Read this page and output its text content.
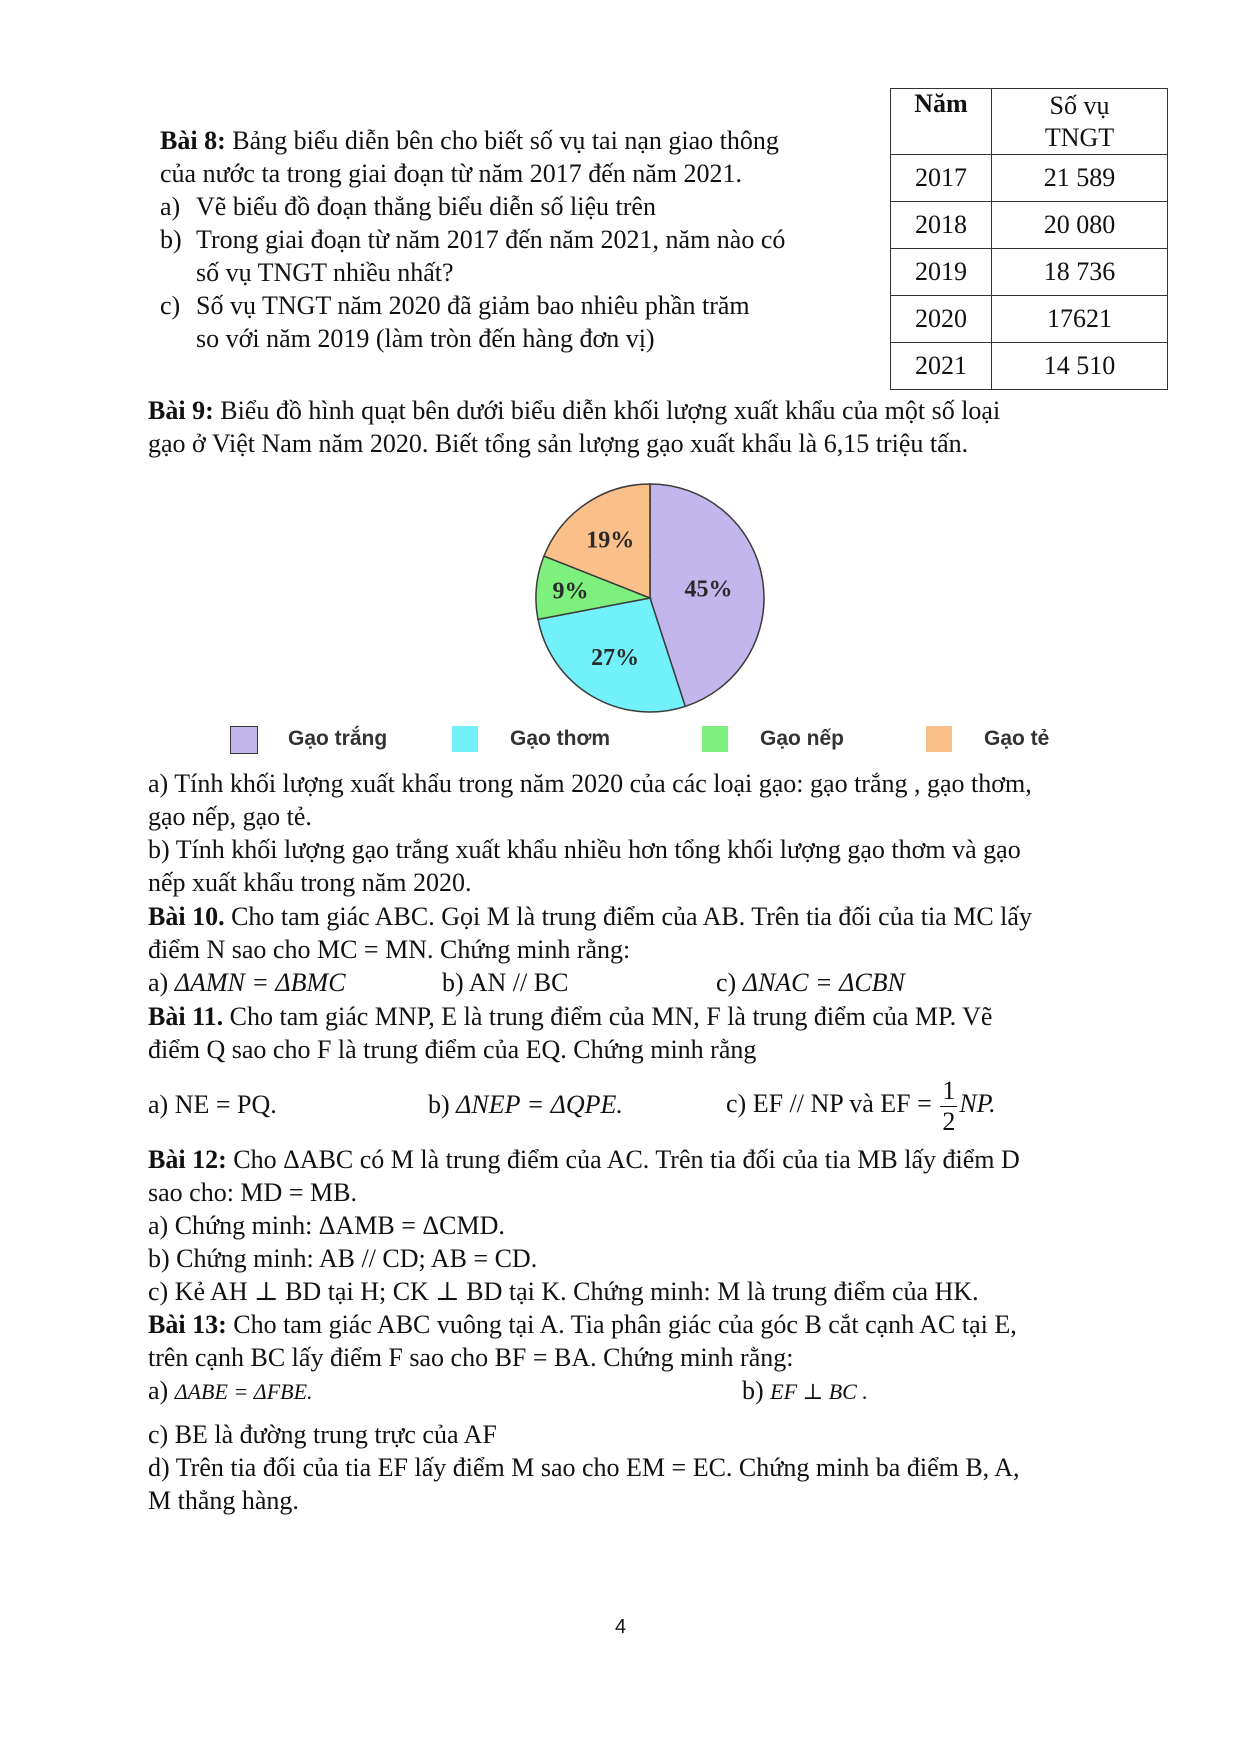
Bài 8: Bảng biểu diễn bên cho biết số vụ tai nạn giao thông
của nước ta trong giai đoạn từ năm 2017 đến năm 2021.
a) Vẽ biểu đồ đoạn thẳng biểu diễn số liệu trên
b) Trong giai đoạn từ năm 2017 đến năm 2021, năm nào có
số vụ TNGT nhiều nhất?
c) Số vụ TNGT năm 2020 đã giảm bao nhiêu phần trăm
so với năm 2019 (làm tròn đến hàng đơn vị)
Năm	Số vụ
TNGT
2017	21 589
2018	20 080
2019	18 736
2020	17621
2021	14 510
Bài 9: Biểu đồ hình quạt bên dưới biểu diễn khối lượng xuất khẩu của một số loại
gạo ở Việt Nam năm 2020. Biết tổng sản lượng gạo xuất khẩu là 6,15 triệu tấn.
45%
27%
9%
19%
Gạo trắng	Gạo thơm	Gạo nếp	Gạo tẻ
a) Tính khối lượng xuất khẩu trong năm 2020 của các loại gạo: gạo trắng , gạo thơm,
gạo nếp, gạo tẻ.
b) Tính khối lượng gạo trắng xuất khẩu nhiều hơn tổng khối lượng gạo thơm và gạo
nếp xuất khẩu trong năm 2020.
Bài 10. Cho tam giác ABC. Gọi M là trung điểm của AB. Trên tia đối của tia MC lấy
điểm N sao cho MC = MN. Chứng minh rằng:
a) ΔAMN = ΔBMC	b) AN // BC	c) ΔNAC = ΔCBN
Bài 11. Cho tam giác MNP, E là trung điểm của MN, F là trung điểm của MP. Vẽ
điểm Q sao cho F là trung điểm của EQ. Chứng minh rằng
a) NE = PQ.	b) ΔNEP = ΔQPE.	c) EF // NP và EF = $\frac{1}{2}$ NP.
Bài 12: Cho ΔABC có M là trung điểm của AC. Trên tia đối của tia MB lấy điểm D
sao cho: MD = MB.
a) Chứng minh: ΔAMB = ΔCMD.
b) Chứng minh: AB // CD; AB = CD.
c) Kẻ AH ⊥ BD tại H; CK ⊥ BD tại K. Chứng minh: M là trung điểm của HK.
Bài 13: Cho tam giác ABC vuông tại A. Tia phân giác của góc B cắt cạnh AC tại E,
trên cạnh BC lấy điểm F sao cho BF = BA. Chứng minh rằng:
a) ΔABE = ΔFBE.	b) EF ⊥ BC .
c) BE là đường trung trực của AF
d) Trên tia đối của tia EF lấy điểm M sao cho EM = EC. Chứng minh ba điểm B, A,
M thẳng hàng.
4
